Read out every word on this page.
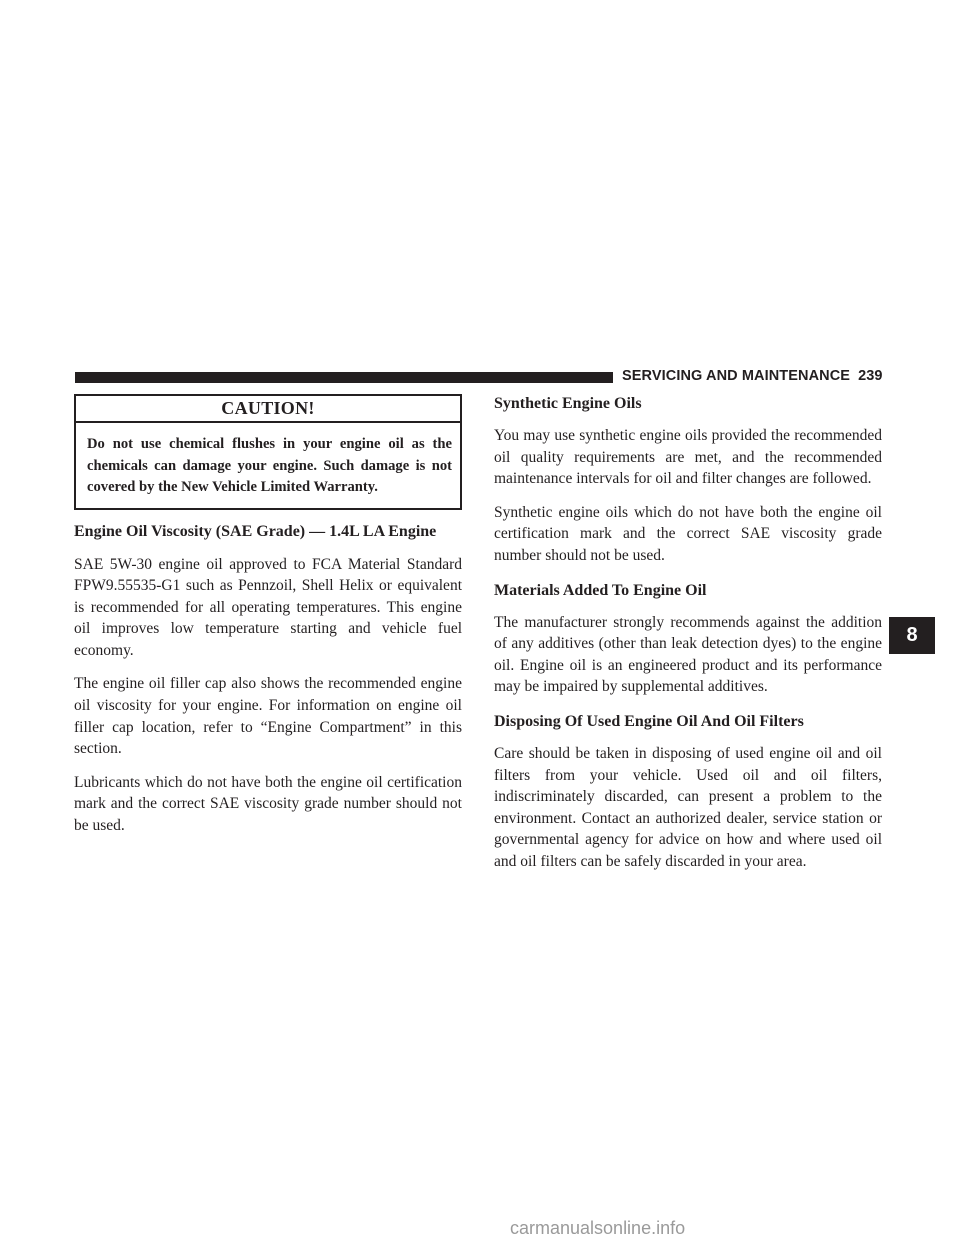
SERVICING AND MAINTENANCE 239
CAUTION!
Do not use chemical flushes in your engine oil as the chemicals can damage your engine. Such damage is not covered by the New Vehicle Limited Warranty.
Engine Oil Viscosity (SAE Grade) — 1.4L LA Engine

SAE 5W-30 engine oil approved to FCA Material Standard FPW9.55535-G1 such as Pennzoil, Shell Helix or equivalent is recommended for all operating temperatures. This engine oil improves low temperature starting and vehicle fuel economy.

The engine oil filler cap also shows the recommended engine oil viscosity for your engine. For information on engine oil filler cap location, refer to “Engine Compartment” in this section.

Lubricants which do not have both the engine oil certification mark and the correct SAE viscosity grade number should not be used.

Synthetic Engine Oils

You may use synthetic engine oils provided the recommended oil quality requirements are met, and the recommended maintenance intervals for oil and filter changes are followed.

Synthetic engine oils which do not have both the engine oil certification mark and the correct SAE viscosity grade number should not be used.

Materials Added To Engine Oil

The manufacturer strongly recommends against the addition of any additives (other than leak detection dyes) to the engine oil. Engine oil is an engineered product and its performance may be impaired by supplemental additives.

Disposing Of Used Engine Oil And Oil Filters

Care should be taken in disposing of used engine oil and oil filters from your vehicle. Used oil and oil filters, indiscriminately discarded, can present a problem to the environment. Contact an authorized dealer, service station or governmental agency for advice on how and where used oil and oil filters can be safely discarded in your area.

8
carmanualsonline.info
